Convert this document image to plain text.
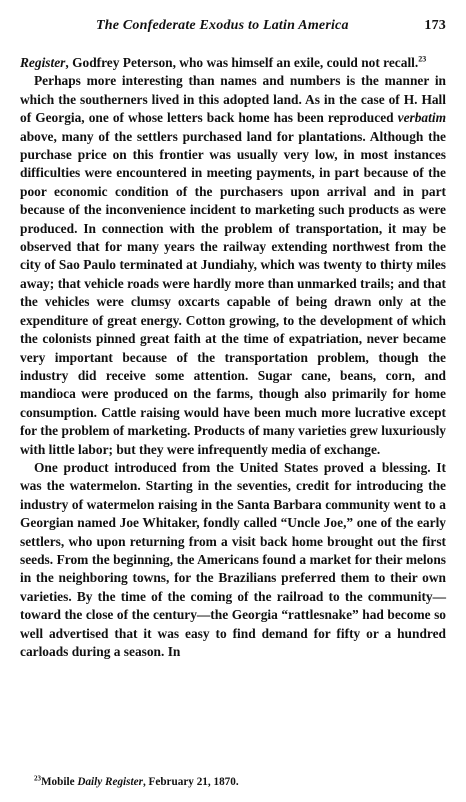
The Confederate Exodus to Latin America	173

Register, Godfrey Peterson, who was himself an exile, could not recall.$^{23}$

Perhaps more interesting than names and numbers is the manner in which the southerners lived in this adopted land. As in the case of H. Hall of Georgia, one of whose letters back home has been reproduced verbatim above, many of the settlers purchased land for plantations. Although the purchase price on this frontier was usually very low, in most instances difficulties were encountered in meeting payments, in part because of the poor economic condition of the purchasers upon arrival and in part because of the inconvenience incident to marketing such products as were produced. In connection with the problem of transportation, it may be observed that for many years the railway extending northwest from the city of Sao Paulo terminated at Jundiahy, which was twenty to thirty miles away; that vehicle roads were hardly more than unmarked trails; and that the vehicles were clumsy oxcarts capable of being drawn only at the expenditure of great energy. Cotton growing, to the development of which the colonists pinned great faith at the time of expatriation, never became very important because of the transportation problem, though the industry did receive some attention. Sugar cane, beans, corn, and mandioca were produced on the farms, though also primarily for home consumption. Cattle raising would have been much more lucrative except for the problem of marketing. Products of many varieties grew luxuriously with little labor; but they were infrequently media of exchange.

One product introduced from the United States proved a blessing. It was the watermelon. Starting in the seventies, credit for introducing the industry of watermelon raising in the Santa Barbara community went to a Georgian named Joe Whitaker, fondly called “Uncle Joe,” one of the early settlers, who upon returning from a visit back home brought out the first seeds. From the beginning, the Americans found a market for their melons in the neighboring towns, for the Brazilians preferred them to their own varieties. By the time of the coming of the railroad to the community—toward the close of the century—the Georgia “rattlesnake” had become so well advertised that it was easy to find demand for fifty or a hundred carloads during a season. In

$^{23}$Mobile Daily Register, February 21, 1870.
